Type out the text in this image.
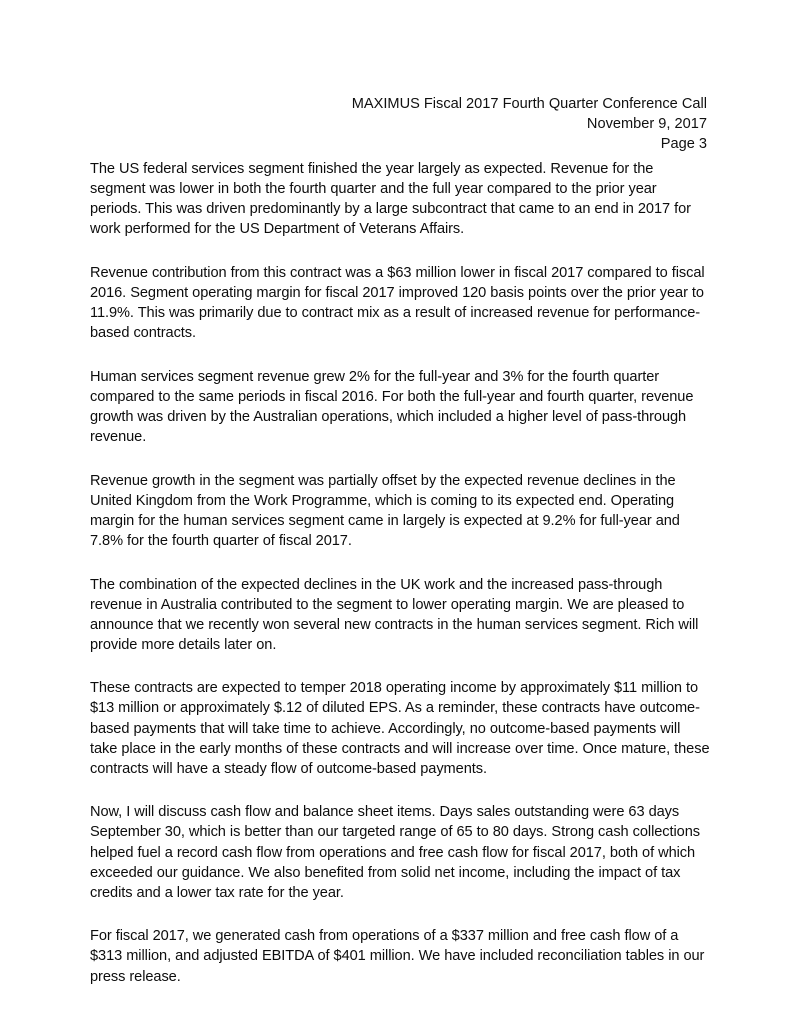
MAXIMUS Fiscal 2017 Fourth Quarter Conference Call
November 9, 2017
Page 3

The US federal services segment finished the year largely as expected. Revenue for the segment was lower in both the fourth quarter and the full year compared to the prior year periods. This was driven predominantly by a large subcontract that came to an end in 2017 for work performed for the US Department of Veterans Affairs.

Revenue contribution from this contract was a $63 million lower in fiscal 2017 compared to fiscal 2016. Segment operating margin for fiscal 2017 improved 120 basis points over the prior year to 11.9%. This was primarily due to contract mix as a result of increased revenue for performance-based contracts.

Human services segment revenue grew 2% for the full-year and 3% for the fourth quarter compared to the same periods in fiscal 2016. For both the full-year and fourth quarter, revenue growth was driven by the Australian operations, which included a higher level of pass-through revenue.

Revenue growth in the segment was partially offset by the expected revenue declines in the United Kingdom from the Work Programme, which is coming to its expected end. Operating margin for the human services segment came in largely is expected at 9.2% for full-year and 7.8% for the fourth quarter of fiscal 2017.

The combination of the expected declines in the UK work and the increased pass-through revenue in Australia contributed to the segment to lower operating margin. We are pleased to announce that we recently won several new contracts in the human services segment. Rich will provide more details later on.

These contracts are expected to temper 2018 operating income by approximately $11 million to $13 million or approximately $.12 of diluted EPS. As a reminder, these contracts have outcome-based payments that will take time to achieve. Accordingly, no outcome-based payments will take place in the early months of these contracts and will increase over time. Once mature, these contracts will have a steady flow of outcome-based payments.

Now, I will discuss cash flow and balance sheet items. Days sales outstanding were 63 days September 30, which is better than our targeted range of 65 to 80 days. Strong cash collections helped fuel a record cash flow from operations and free cash flow for fiscal 2017, both of which exceeded our guidance. We also benefited from solid net income, including the impact of tax credits and a lower tax rate for the year.

For fiscal 2017, we generated cash from operations of a $337 million and free cash flow of a $313 million, and adjusted EBITDA of $401 million. We have included reconciliation tables in our press release.
